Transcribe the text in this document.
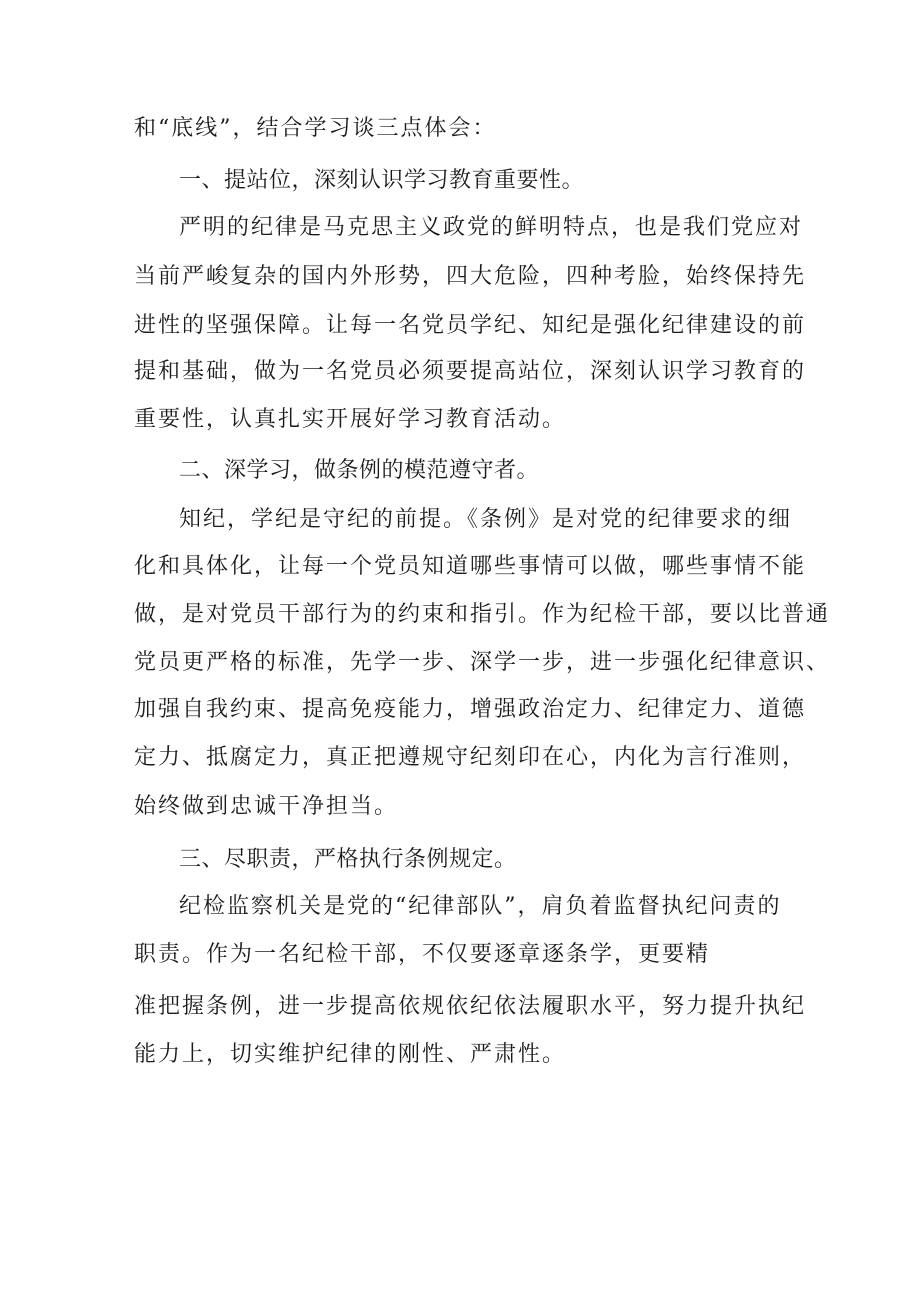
和“底线”，结合学习谈三点体会：
一、提站位，深刻认识学习教育重要性。
严明的纪律是马克思主义政党的鲜明特点，也是我们党应对
当前严峻复杂的国内外形势，四大危险，四种考脸，始终保持先
进性的坚强保障。让每一名党员学纪、知纪是强化纪律建设的前
提和基础，做为一名党员必须要提高站位，深刻认识学习教育的
重要性，认真扎实开展好学习教育活动。
二、深学习，做条例的模范遵守者。
知纪，学纪是守纪的前提。《条例》是对党的纪律要求的细
化和具体化，让每一个党员知道哪些事情可以做，哪些事情不能
做，是对党员干部行为的约束和指引。作为纪检干部，要以比普通
党员更严格的标准，先学一步、深学一步，进一步强化纪律意识、
加强自我约束、提高免疫能力，增强政治定力、纪律定力、道德
定力、抵腐定力，真正把遵规守纪刻印在心，内化为言行准则，
始终做到忠诚干净担当。
三、尽职责，严格执行条例规定。
纪检监察机关是党的“纪律部队”，肩负着监督执纪问责的
职责。作为一名纪检干部，不仅要逐章逐条学，更要精
准把握条例，进一步提高依规依纪依法履职水平，努力提升执纪
能力上，切实维护纪律的刚性、严肃性。
